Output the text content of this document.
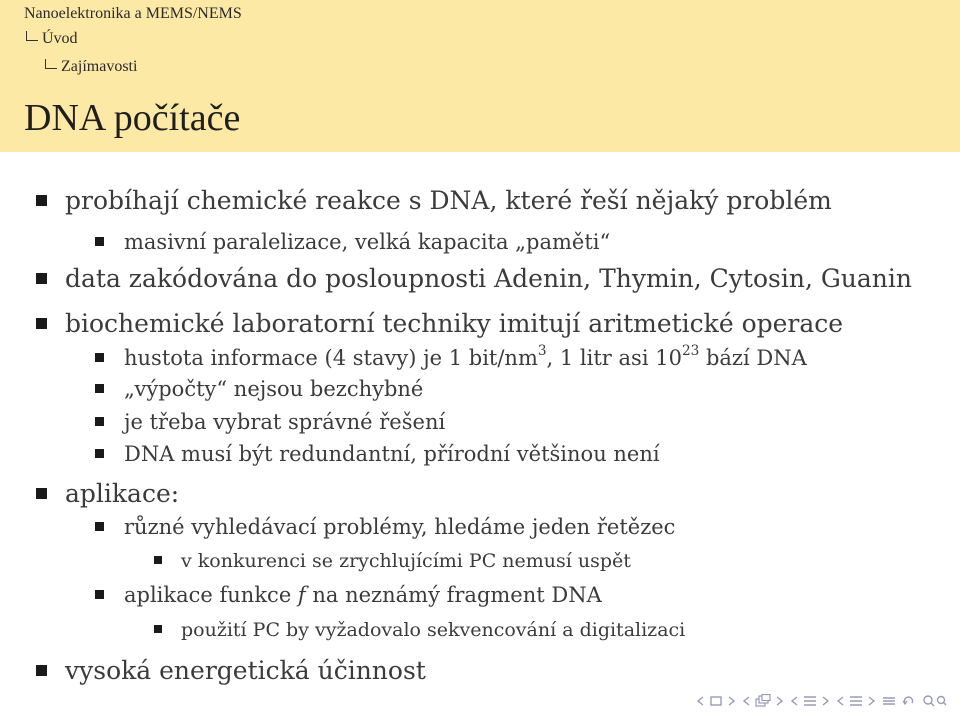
Nanoelektronika a MEMS/NEMS
Úvod
Zajímavosti
DNA počítače
probíhají chemické reakce s DNA, které řeší nějaký problém
masivní paralelizace, velká kapacita „paměti“
data zakódována do posloupnosti Adenin, Thymin, Cytosin, Guanin
biochemické laboratorní techniky imitují aritmetické operace
hustota informace (4 stavy) je 1 bit/$nm^3$, 1 litr asi $10^{23}$ bází DNA
„výpočty“ nejsou bezchybné
je třeba vybrat správné řešení
DNA musí být redundantní, přírodní většinou není
aplikace:
různé vyhledávací problémy, hledáme jeden řetězec
v konkurenci se zrychlujícími PC nemusí uspět
aplikace funkce f na neznámý fragment DNA
použití PC by vyžadovalo sekvencování a digitalizaci
vysoká energetická účinnost
